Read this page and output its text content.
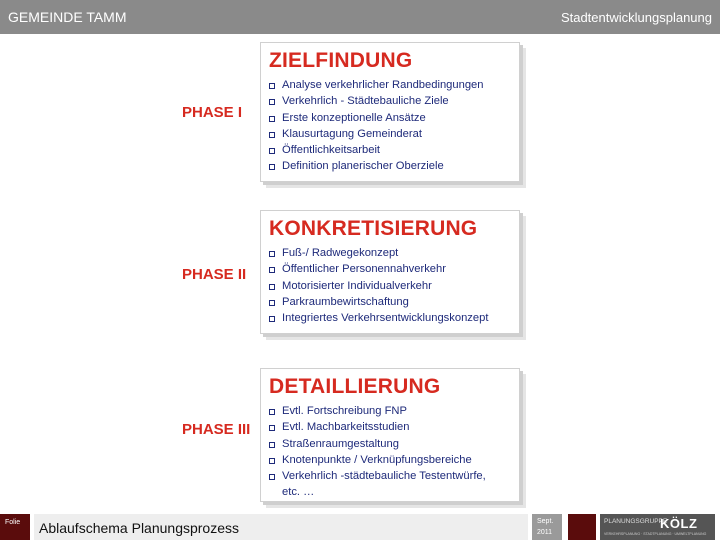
GEMEINDE TAMM	Stadtentwicklungsplanung
PHASE I
ZIELFINDUNG
Analyse verkehrlicher Randbedingungen
Verkehrlich - Städtebauliche Ziele
Erste konzeptionelle Ansätze
Klausurtagung Gemeinderat
Öffentlichkeitsarbeit
Definition planerischer Oberziele
PHASE II
KONKRETISIERUNG
Fuß-/ Radwegekonzept
Öffentlicher Personennahverkehr
Motorisierter Individualverkehr
Parkraumbewirtschaftung
Integriertes Verkehrsentwicklungskonzept
PHASE III
DETAILLIERUNG
Evtl. Fortschreibung FNP
Evtl. Machbarkeitsstudien
Straßenraumgestaltung
Knotenpunkte / Verknüpfungsbereiche
Verkehrlich -städtebauliche Testentwürfe,
etc. …
Folie Ablaufschema Planungsprozess	Sept.
2011
PLANUNGSGRUPPE
KÖLZ
VERKEHRSPLANUNG · STADTPLANUNG · UMWELTPLANUNG
